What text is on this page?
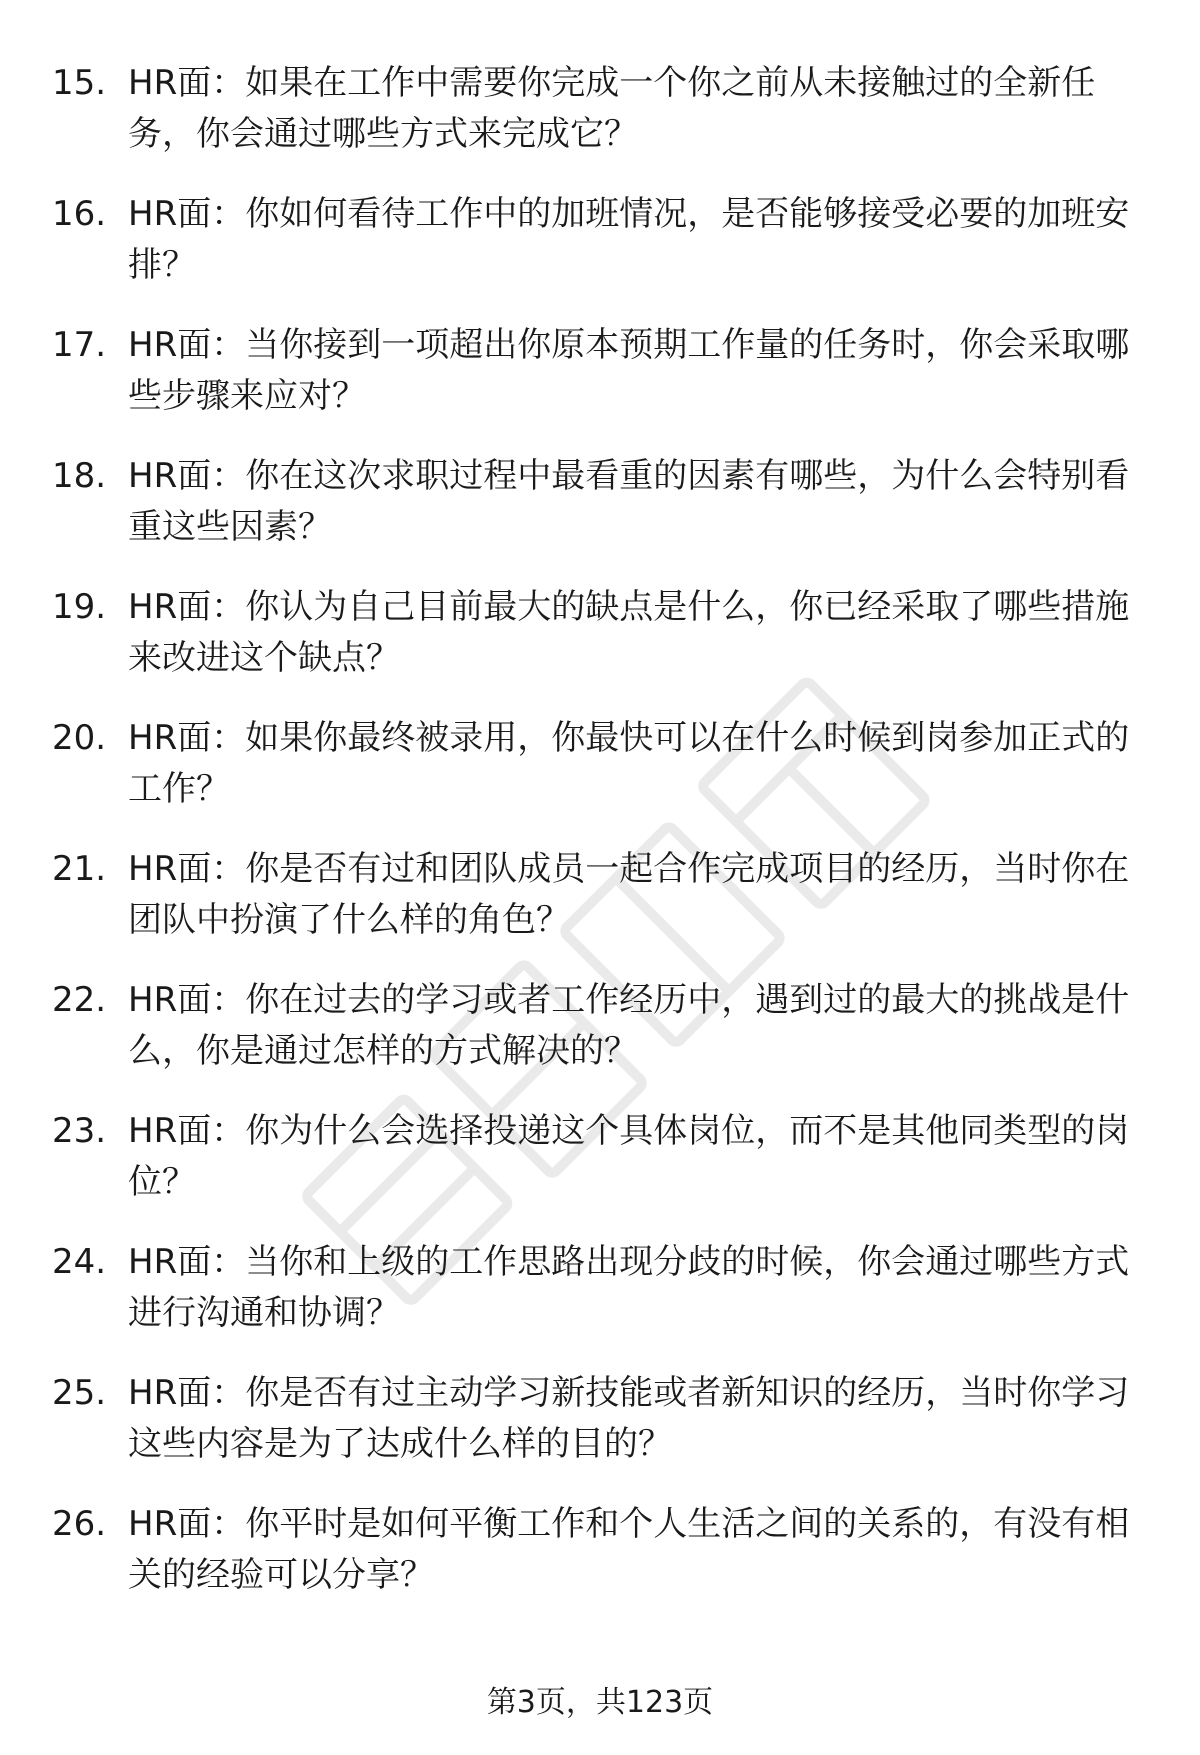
15. HR面：如果在工作中需要你完成一个你之前从未接触过的全新任务，你会通过哪些方式来完成它？
16. HR面：你如何看待工作中的加班情况，是否能够接受必要的加班安排？
17. HR面：当你接到一项超出你原本预期工作量的任务时，你会采取哪些步骤来应对？
18. HR面：你在这次求职过程中最看重的因素有哪些，为什么会特别看重这些因素？
19. HR面：你认为自己目前最大的缺点是什么，你已经采取了哪些措施来改进这个缺点？
20. HR面：如果你最终被录用，你最快可以在什么时候到岗参加正式的工作？
21. HR面：你是否有过和团队成员一起合作完成项目的经历，当时你在团队中扮演了什么样的角色？
22. HR面：你在过去的学习或者工作经历中，遇到过的最大的挑战是什么，你是通过怎样的方式解决的？
23. HR面：你为什么会选择投递这个具体岗位，而不是其他同类型的岗位？
24. HR面：当你和上级的工作思路出现分歧的时候，你会通过哪些方式进行沟通和协调？
25. HR面：你是否有过主动学习新技能或者新知识的经历，当时你学习这些内容是为了达成什么样的目的？
26. HR面：你平时是如何平衡工作和个人生活之间的关系的，有没有相关的经验可以分享？
第3页，共123页
